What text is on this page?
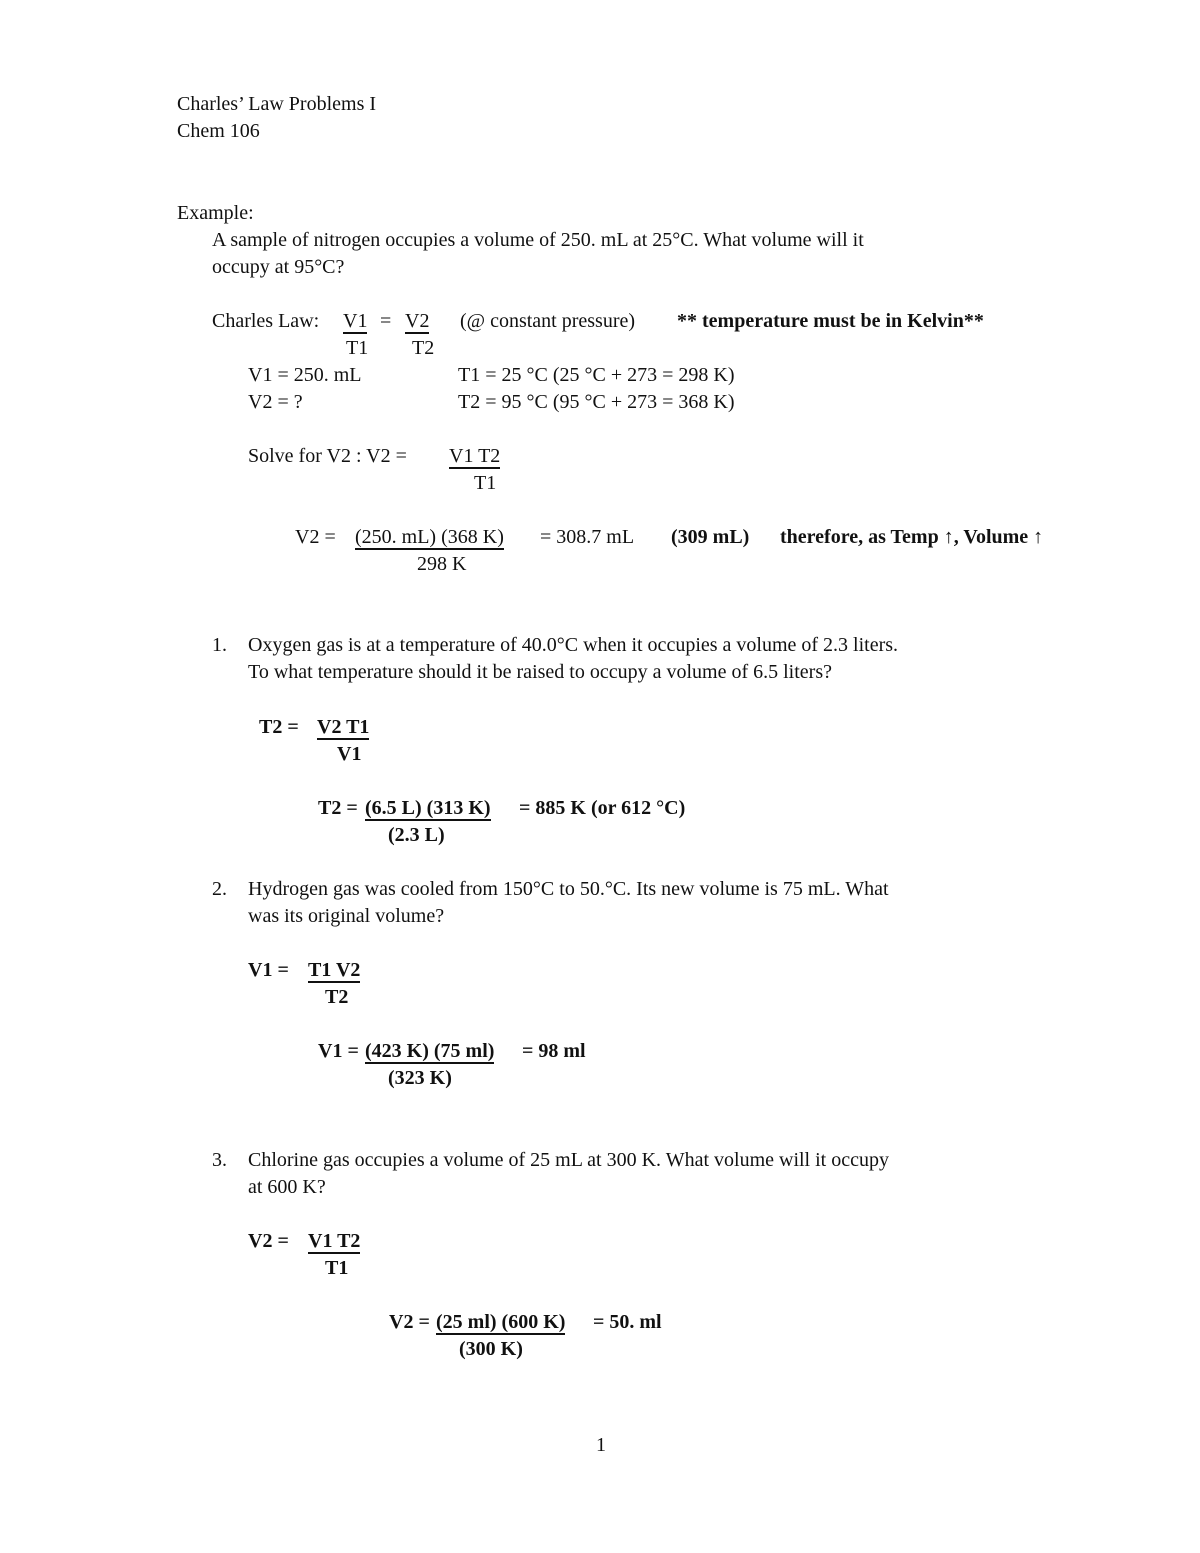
Charles’ Law Problems I
Chem 106
Example:
A sample of nitrogen occupies a volume of 250. mL at 25°C. What volume will it
occupy at 95°C?
Charles Law: V1 = V2 (@ constant pressure) ** temperature must be in Kelvin**
T1 T2
V1 = 250. mL	T1 = 25 °C (25 °C + 273 = 298 K)
V2 = ?	T2 = 95 °C (95 °C + 273 = 368 K)
Solve for V2 : V2 = V1 T2
T1
V2 = (250. mL) (368 K) = 308.7 mL (309 mL) therefore, as Temp ↑, Volume ↑
298 K
1. Oxygen gas is at a temperature of 40.0°C when it occupies a volume of 2.3 liters.
To what temperature should it be raised to occupy a volume of 6.5 liters?
T2 = V2 T1
V1
T2 = (6.5 L) (313 K) = 885 K (or 612 °C)
(2.3 L)
2. Hydrogen gas was cooled from 150°C to 50.°C. Its new volume is 75 mL. What
was its original volume?
V1 = T1 V2
T2
V1 = (423 K) (75 ml) = 98 ml
(323 K)
3. Chlorine gas occupies a volume of 25 mL at 300 K. What volume will it occupy
at 600 K?
V2 = V1 T2
T1
V2 = (25 ml) (600 K) = 50. ml
(300 K)
1
